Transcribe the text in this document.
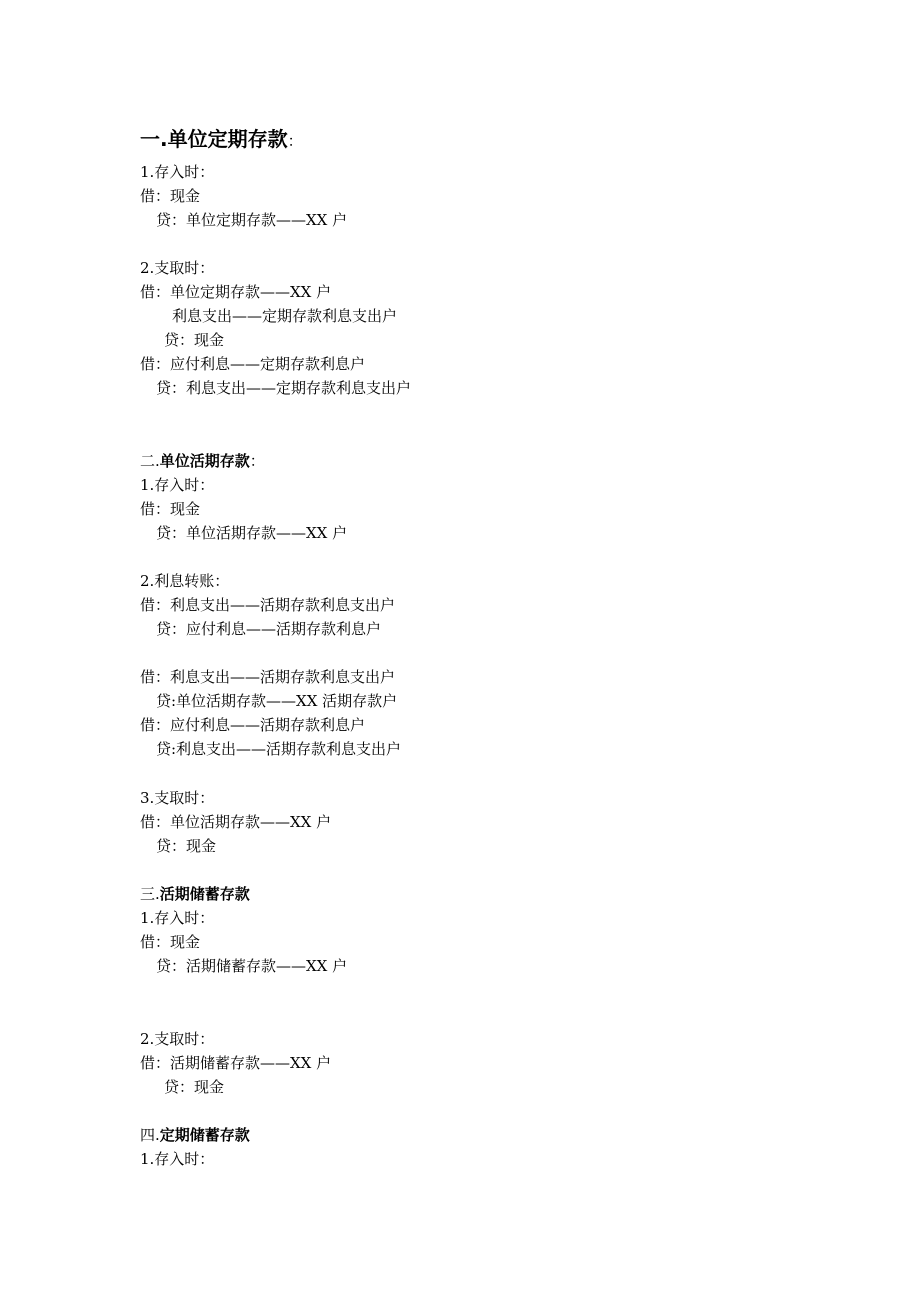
一.单位定期存款：
1.存入时：
借：现金
贷：单位定期存款——XX 户
2.支取时：
借：单位定期存款——XX 户
利息支出——定期存款利息支出户
贷：现金
借：应付利息——定期存款利息户
贷：利息支出——定期存款利息支出户
二.单位活期存款：
1.存入时：
借：现金
贷：单位活期存款——XX 户
2.利息转账：
借：利息支出——活期存款利息支出户
贷：应付利息——活期存款利息户
借：利息支出——活期存款利息支出户
贷:单位活期存款——XX 活期存款户
借：应付利息——活期存款利息户
贷:利息支出——活期存款利息支出户
3.支取时：
借：单位活期存款——XX 户
贷：现金
三.活期储蓄存款
1.存入时：
借：现金
贷：活期储蓄存款——XX 户
2.支取时：
借：活期储蓄存款——XX 户
贷：现金
四.定期储蓄存款
1.存入时：
